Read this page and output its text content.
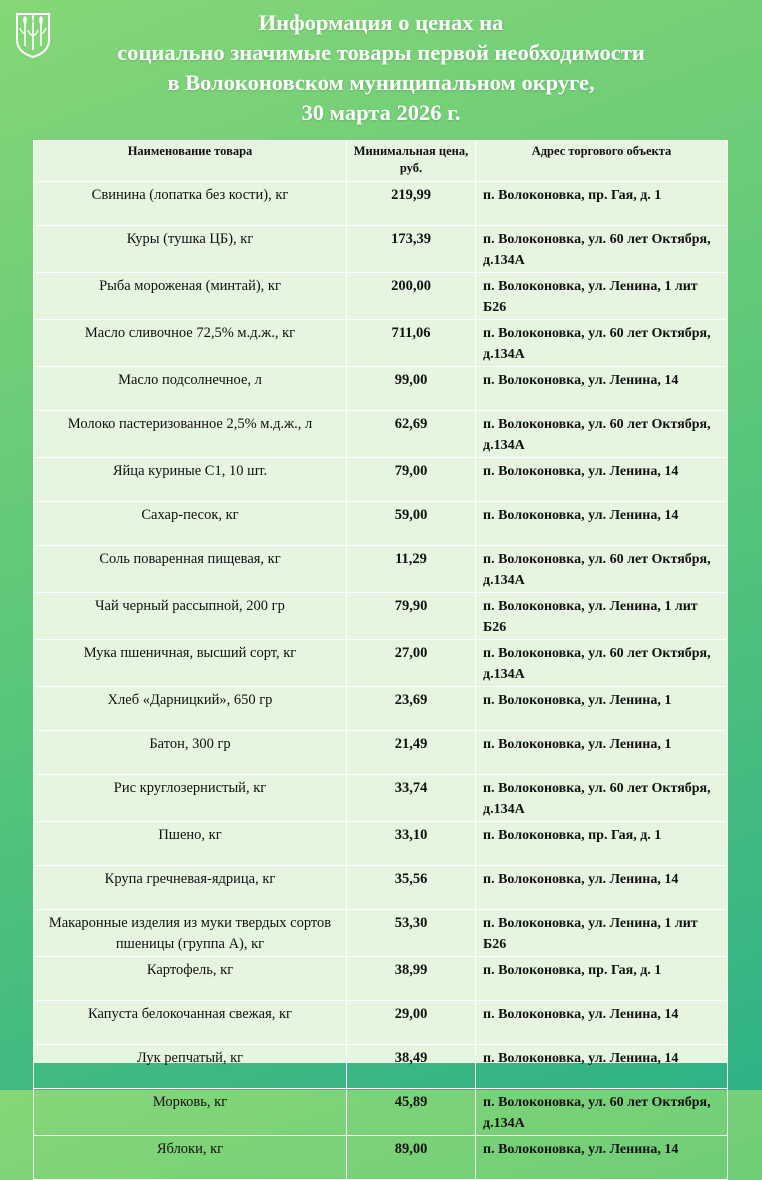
Информация о ценах на
социально значимые товары первой необходимости
в Волоконовском муниципальном округе,
30 марта 2026 г.
Наименование товара	Минимальная цена, руб.	Адрес торгового объекта
Свинина (лопатка без кости), кг	219,99	п. Волоконовка, пр. Гая, д. 1
Куры (тушка ЦБ), кг	173,39	п. Волоконовка, ул. 60 лет Октября, д.134А
Рыба мороженая (минтай), кг	200,00	п. Волоконовка, ул. Ленина, 1 лит Б26
Масло сливочное 72,5% м.д.ж., кг	711,06	п. Волоконовка, ул. 60 лет Октября, д.134А
Масло подсолнечное, л	99,00	п. Волоконовка, ул. Ленина, 14
Молоко пастеризованное 2,5% м.д.ж., л	62,69	п. Волоконовка, ул. 60 лет Октября, д.134А
Яйца куриные С1, 10 шт.	79,00	п. Волоконовка, ул. Ленина, 14
Сахар-песок, кг	59,00	п. Волоконовка, ул. Ленина, 14
Соль поваренная пищевая, кг	11,29	п. Волоконовка, ул. 60 лет Октября, д.134А
Чай черный рассыпной, 200 гр	79,90	п. Волоконовка, ул. Ленина, 1 лит Б26
Мука пшеничная, высший сорт, кг	27,00	п. Волоконовка, ул. 60 лет Октября, д.134А
Хлеб «Дарницкий», 650 гр	23,69	п. Волоконовка, ул. Ленина, 1
Батон, 300 гр	21,49	п. Волоконовка, ул. Ленина, 1
Рис круглозернистый, кг	33,74	п. Волоконовка, ул. 60 лет Октября, д.134А
Пшено, кг	33,10	п. Волоконовка, пр. Гая, д. 1
Крупа гречневая-ядрица, кг	35,56	п. Волоконовка, ул. Ленина, 14
Макаронные изделия из муки твердых сортов пшеницы (группа А), кг	53,30	п. Волоконовка, ул. Ленина, 1 лит Б26
Картофель, кг	38,99	п. Волоконовка, пр. Гая, д. 1
Капуста белокочанная свежая, кг	29,00	п. Волоконовка, ул. Ленина, 14
Лук репчатый, кг	38,49	п. Волоконовка, ул. Ленина, 14
Морковь, кг	45,89	п. Волоконовка, ул. 60 лет Октября, д.134А
Яблоки, кг	89,00	п. Волоконовка, ул. Ленина, 14
